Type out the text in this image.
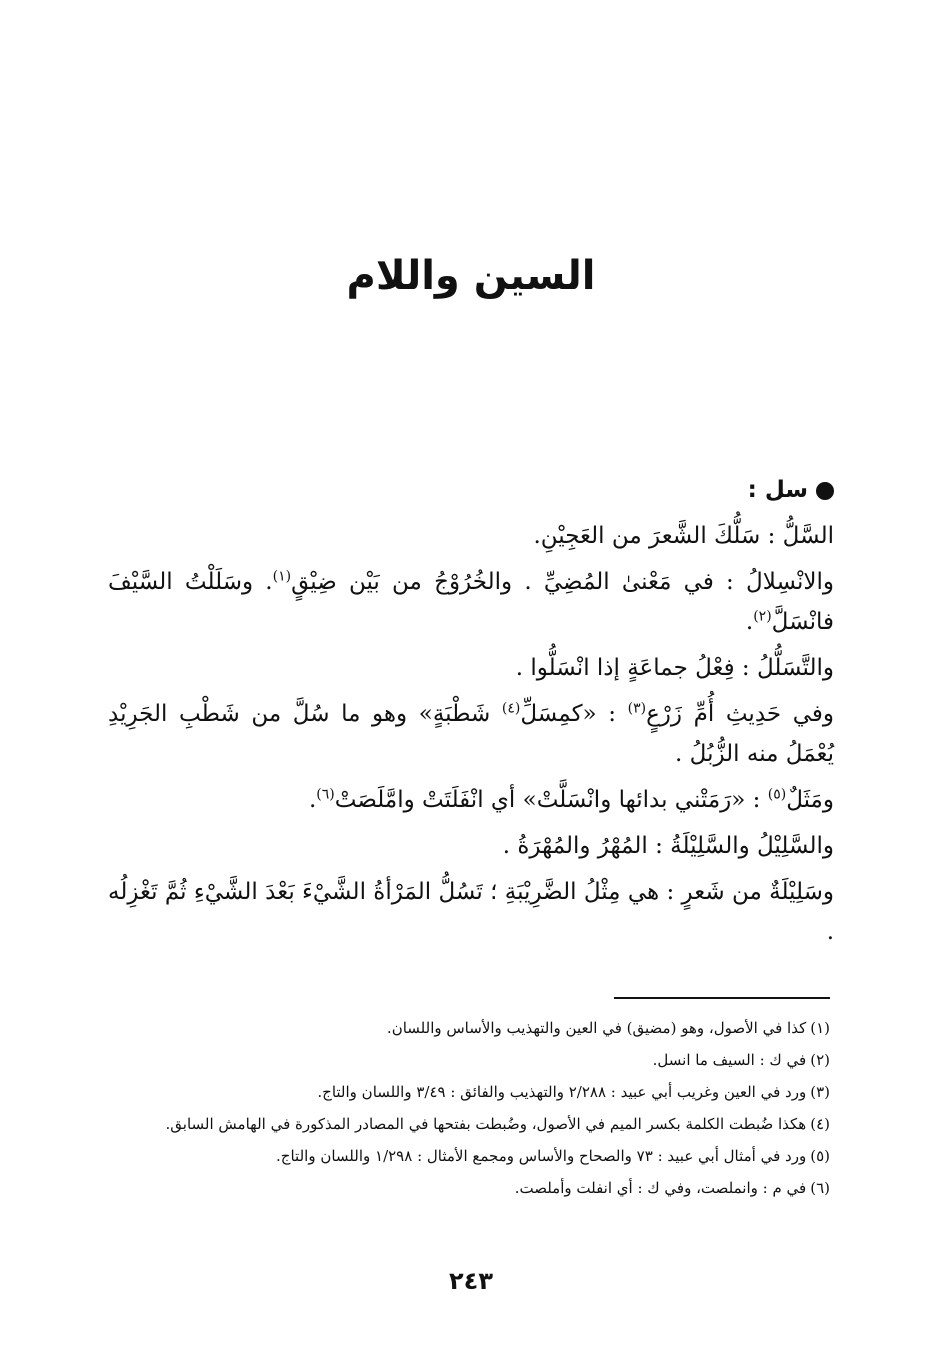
السين واللام

سل :

السَّلُّ : سَلُّكَ الشَّعرَ من العَجِيْنِ.

والانْسِلالُ : في مَعْنىٰ المُضِيِّ . والخُرُوْجُ من بَيْن ضِيْقٍ$^{(١)}$. وسَلَلْتُ السَّيْفَ فانْسَلَّ$^{(٢)}$.

والتَّسَلُّلُ : فِعْلُ جماعَةٍ إذا انْسَلُّوا .

وفي حَدِيثِ أُمِّ زَرْعٍ$^{(٣)}$ : «كمِسَلِّ$^{(٤)}$ شَطْبَةٍ» وهو ما سُلَّ من شَطْبِ الجَرِيْدِ يُعْمَلُ منه الزُّبُلُ .

ومَثَلٌ$^{(٥)}$ : «رَمَتْني بدائها وانْسَلَّتْ» أي انْفَلَتَتْ وامَّلَصَتْ$^{(٦)}$.

والسَّلِيْلُ والسَّلِيْلَةُ : المُهْرُ والمُهْرَةُ .

وسَلِيْلَةٌ من شَعرٍ : هي مِثْلُ الضَّرِيْبَةِ ؛ تَسُلُّ المَرْأةُ الشَّيْءَ بَعْدَ الشَّيْءِ ثُمَّ تَغْزِلُه .

(١)كذا في الأصول، وهو (مضيق) في العين والتهذيب والأساس واللسان.

(٢)في ك : السيف ما انسل.

(٣)ورد في العين وغريب أبي عبيد : ٢/٢٨٨ والتهذيب والفائق : ٣/٤٩ واللسان والتاج.

(٤)هكذا ضُبطت الكلمة بكسر الميم في الأصول، وضُبطت بفتحها في المصادر المذكورة في الهامش السابق.

(٥)ورد في أمثال أبي عبيد : ٧٣ والصحاح والأساس ومجمع الأمثال : ١/٢٩٨ واللسان والتاج.

(٦)في م : وانملصت، وفي ك : أي انفلت وأملصت.

٢٤٣
